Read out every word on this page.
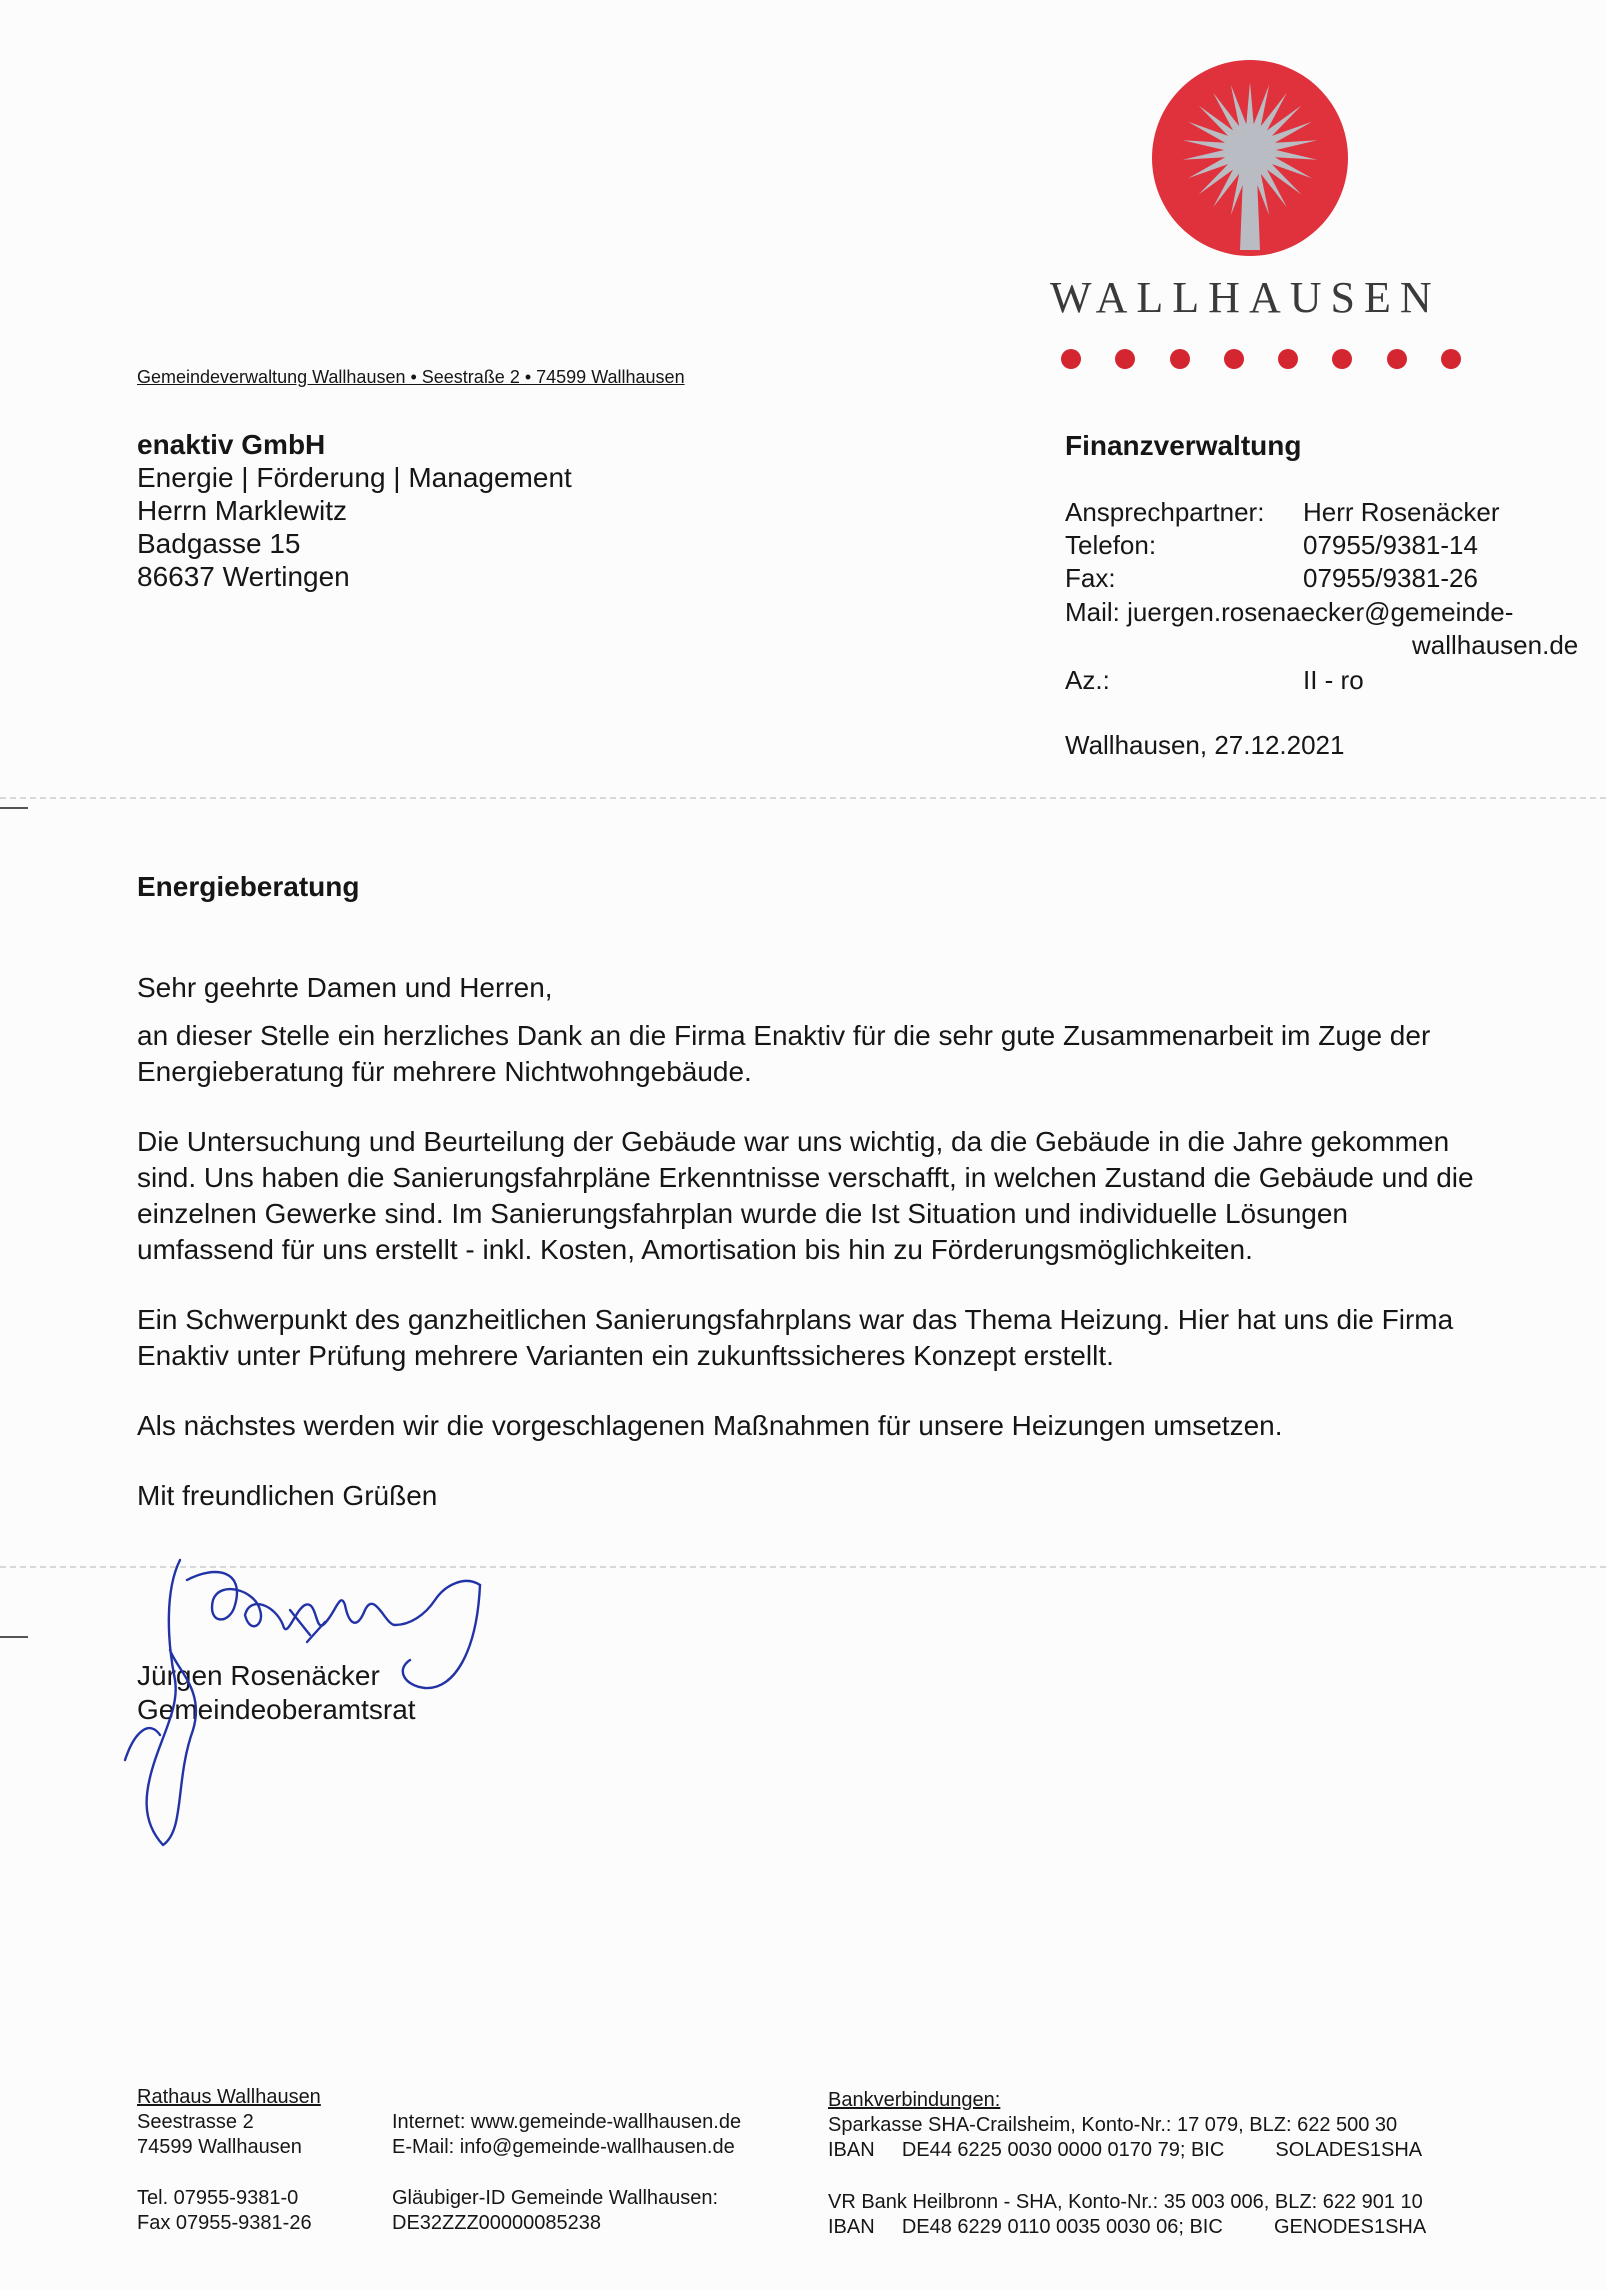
WALLHAUSEN
Gemeindeverwaltung Wallhausen • Seestraße 2 • 74599 Wallhausen
enaktiv GmbH
Energie | Förderung | Management
Herrn Marklewitz
Badgasse 15
86637 Wertingen
Finanzverwaltung
Ansprechpartner: Herr Rosenäcker
Telefon:	07955/9381-14
Fax:	07955/9381-26
Mail: juergen.rosenaecker@gemeinde-
wallhausen.de
Az.:	II - ro
Wallhausen, 27.12.2021
Energieberatung

Sehr geehrte Damen und Herren,

an dieser Stelle ein herzliches Dank an die Firma Enaktiv für die sehr gute Zusammenarbeit im Zuge der Energieberatung für mehrere Nichtwohngebäude.

Die Untersuchung und Beurteilung der Gebäude war uns wichtig, da die Gebäude in die Jahre gekommen sind. Uns haben die Sanierungsfahrpläne Erkenntnisse verschafft, in welchen Zustand die Gebäude und die einzelnen Gewerke sind. Im Sanierungsfahrplan wurde die Ist Situation und individuelle Lösungen umfassend für uns erstellt - inkl. Kosten, Amortisation bis hin zu Förderungsmöglichkeiten.

Ein Schwerpunkt des ganzheitlichen Sanierungsfahrplans war das Thema Heizung. Hier hat uns die Firma Enaktiv unter Prüfung mehrere Varianten ein zukunftssicheres Konzept erstellt.

Als nächstes werden wir die vorgeschlagenen Maßnahmen für unsere Heizungen umsetzen.

Mit freundlichen Grüßen

Jürgen Rosenäcker
Gemeindeoberamtsrat
Rathaus Wallhausen
Seestrasse 2
74599 Wallhausen
Tel. 07955-9381-0
Fax 07955-9381-26
Internet: www.gemeinde-wallhausen.de
E-Mail: info@gemeinde-wallhausen.de
Gläubiger-ID Gemeinde Wallhausen:
DE32ZZZ00000085238
Bankverbindungen:
Sparkasse SHA-Crailsheim, Konto-Nr.: 17 079, BLZ: 622 500 30
IBAN DE44 6225 0030 0000 0170 79; BIC	SOLADES1SHA
VR Bank Heilbronn - SHA, Konto-Nr.: 35 003 006, BLZ: 622 901 10
IBAN DE48 6229 0110 0035 0030 06; BIC	GENODES1SHA
